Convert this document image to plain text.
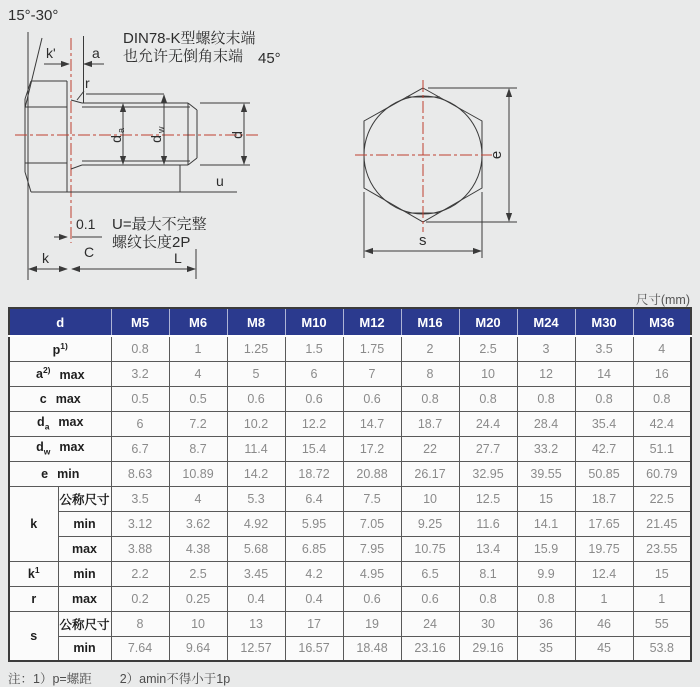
15°-30°
k'	a
r
DIN78-K型螺纹末端
也允许无倒角末端 45°
d
a
d
w
d
u
0.1
C
U=最大不完整
螺纹长度2P
k	L
e
s
尺寸(mm)
d		M5	M6	M8	M10	M12	M16	M20	M24	M30	M36
$p^{1)}$		0.8	1	1.25	1.5	1.75	2	2.5	3	3.5	4
$a^{2)}$ max		3.2	4	5	6	7	8	10	12	14	16
c max		0.5	0.5	0.6	0.6	0.6	0.8	0.8	0.8	0.8	0.8
$d_a$ max		6	7.2	10.2	12.2	14.7	18.7	24.4	28.4	35.4	42.4
$d_w$ max		6.7	8.7	11.4	15.4	17.2	22	27.7	33.2	42.7	51.1
e min		8.63	10.89	14.2	18.72	20.88	26.17	32.95	39.55	50.85	60.79
k	公称尺寸	3.5	4	5.3	6.4	7.5	10	12.5	15	18.7	22.5
	min	3.12	3.62	4.92	5.95	7.05	9.25	11.6	14.1	17.65	21.45
	max	3.88	4.38	5.68	6.85	7.95	10.75	13.4	15.9	19.75	23.55
$k^1$	min	2.2	2.5	3.45	4.2	4.95	6.5	8.1	9.9	12.4	15
r	max	0.2	0.25	0.4	0.4	0.6	0.6	0.8	0.8	1	1
s	公称尺寸	8	10	13	17	19	24	30	36	46	55
	min	7.64	9.64	12.57	16.57	18.48	23.16	29.16	35	45	53.8
注：1）p=螺距 2）amin不得小于1p
